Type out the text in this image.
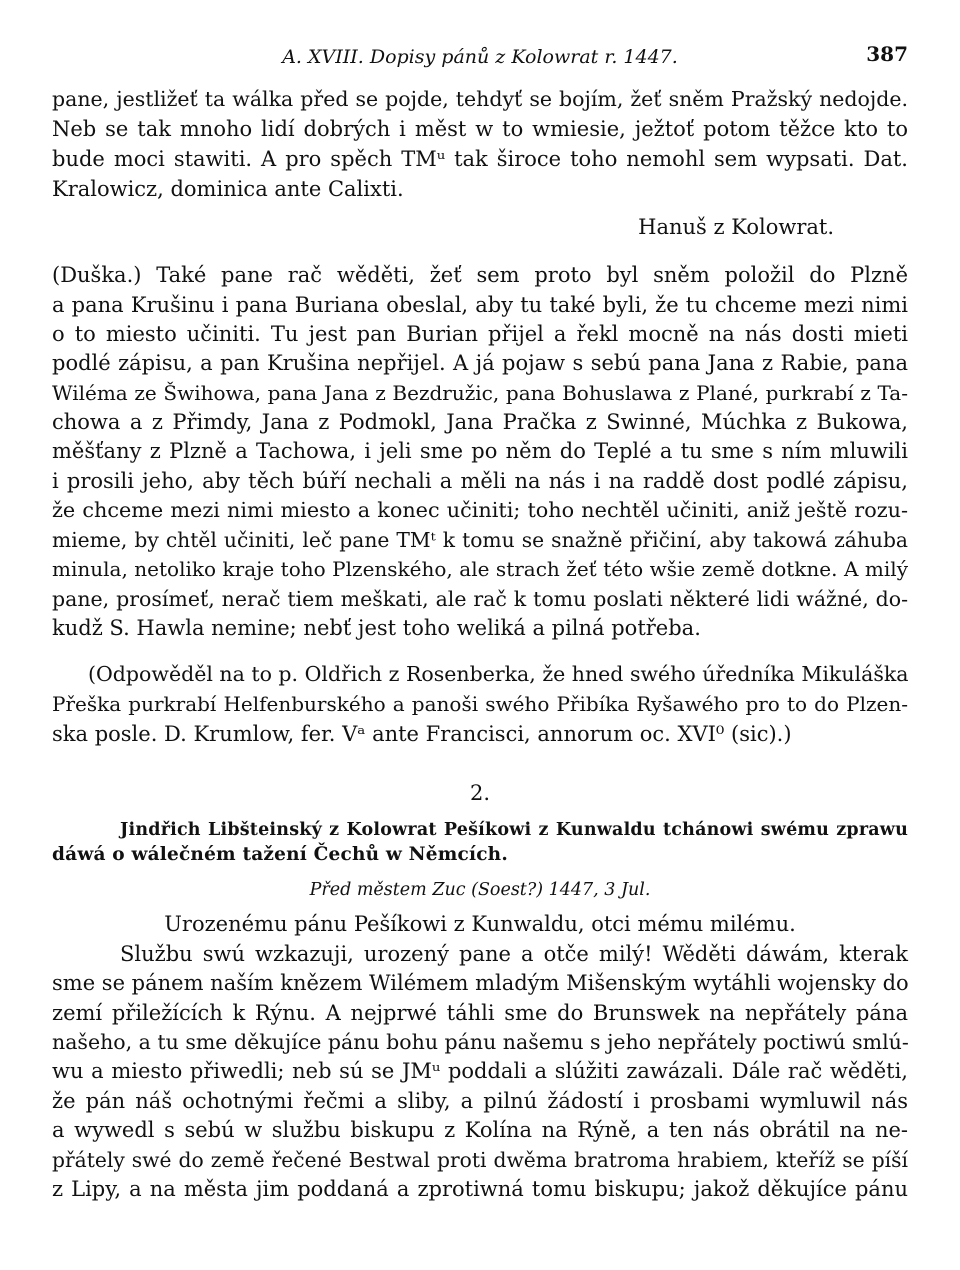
A. XVIII. Dopisy pánů z Kolowrat r. 1447.	387
pane, jestližeť ta wálka před se pojde, tehdyť se bojím, žeť sněm Pražský nedojde.
Neb se tak mnoho lidí dobrých i měst w to wmiesie, ježtoť potom těžce kto to
bude moci stawiti. A pro spěch TMᵘ tak široce toho nemohl sem wypsati. Dat.
Kralowicz, dominica ante Calixti.
Hanuš z Kolowrat.
(Duška.) Také pane rač wěděti, žeť sem proto byl sněm položil do Plzně
a pana Krušinu i pana Buriana obeslal, aby tu také byli, že tu chceme mezi nimi
o to miesto učiniti. Tu jest pan Burian přijel a řekl mocně na nás dosti mieti
podlé zápisu, a pan Krušina nepřijel. A já pojaw s sebú pana Jana z Rabie, pana
Wiléma ze Šwihowa, pana Jana z Bezdružic, pana Bohuslawa z Plané, purkrabí z Ta-
chowa a z Přimdy, Jana z Podmokl, Jana Pračka z Swinné, Múchka z Bukowa,
měšťany z Plzně a Tachowa, i jeli sme po něm do Teplé a tu sme s ním mluwili
i prosili jeho, aby těch búří nechali a měli na nás i na raddě dost podlé zápisu,
že chceme mezi nimi miesto a konec učiniti; toho nechtěl učiniti, aniž ještě rozu-
mieme, by chtěl učiniti, leč pane TMᵗ k tomu se snažně přičiní, aby takowá záhuba
minula, netoliko kraje toho Plzenského, ale strach žeť této wšie země dotkne. A milý
pane, prosímeť, nerač tiem meškati, ale rač k tomu poslati některé lidi wážné, do-
kudž S. Hawla nemine; nebť jest toho weliká a pilná potřeba.
(Odpowěděl na to p. Oldřich z Rosenberka, že hned swého úředníka Mikuláška
Přeška purkrabí Helfenburského a panoši swého Přibíka Ryšawého pro to do Plzen-
ska posle. D. Krumlow, fer. Vᵃ ante Francisci, annorum oc. XVI⁰ (sic).)
2.
Jindřich Libšteinský z Kolowrat Pešíkowi z Kunwaldu tchánowi swému zprawu
dáwá o wálečném tažení Čechů w Němcích.
Před městem Zuc (Soest?) 1447, 3 Jul.
Urozenému pánu Pešíkowi z Kunwaldu, otci mému milému.
Službu swú wzkazuji, urozený pane a otče milý! Wěděti dáwám, kterak
sme se pánem naším knězem Wilémem mladým Mišenským wytáhli wojensky do
zemí přiležících k Rýnu. A nejprwé táhli sme do Brunswek na nepřátely pána
našeho, a tu sme děkujíce pánu bohu pánu našemu s jeho nepřátely poctiwú smlú-
wu a miesto přiwedli; neb sú se JMᵘ poddali a slúžiti zawázali. Dále rač wěděti,
že pán náš ochotnými řečmi a sliby, a pilnú žádostí i prosbami wymluwil nás
a wywedl s sebú w službu biskupu z Kolína na Rýně, a ten nás obrátil na ne-
přátely swé do země řečené Bestwal proti dwěma bratroma hrabiem, kteříž se píší
z Lipy, a na města jim poddaná a zprotiwná tomu biskupu; jakož děkujíce pánu
